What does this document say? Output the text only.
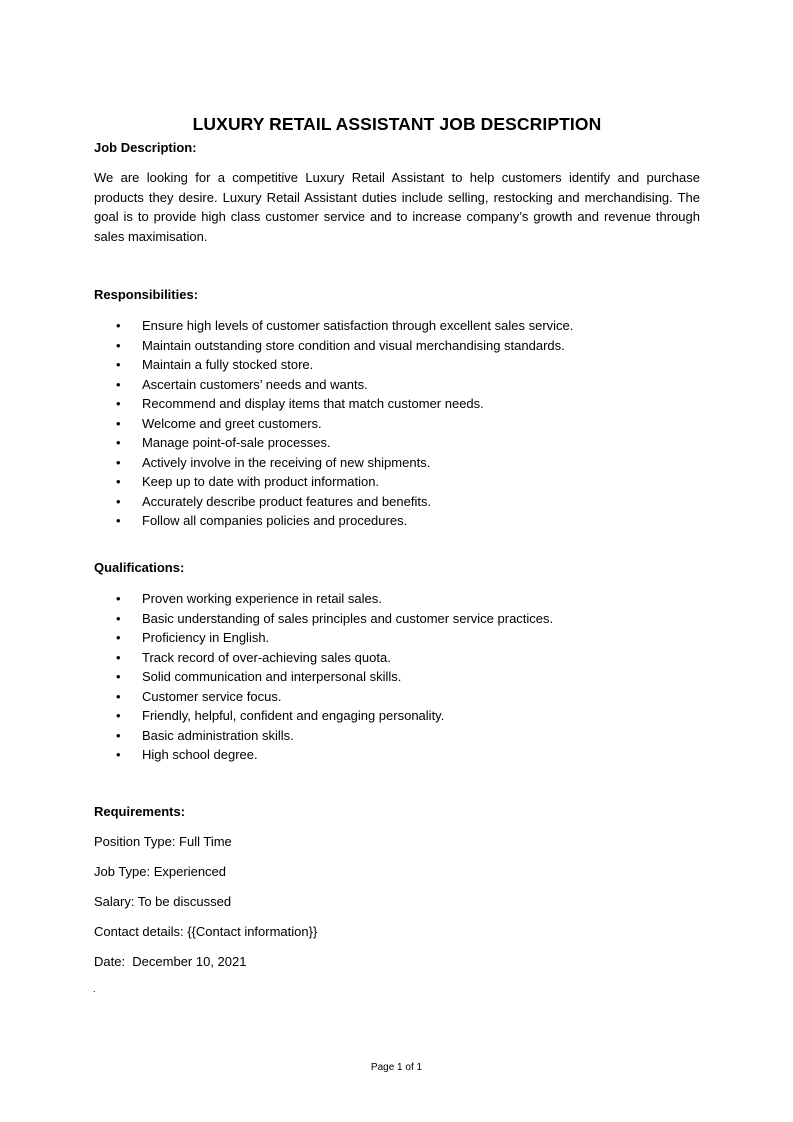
LUXURY RETAIL ASSISTANT JOB DESCRIPTION
Job Description:
We are looking for a competitive Luxury Retail Assistant to help customers identify and purchase products they desire. Luxury Retail Assistant duties include selling, restocking and merchandising. The goal is to provide high class customer service and to increase company’s growth and revenue through sales maximisation.
Responsibilities:
• Ensure high levels of customer satisfaction through excellent sales service.
• Maintain outstanding store condition and visual merchandising standards.
• Maintain a fully stocked store.
• Ascertain customers’ needs and wants.
• Recommend and display items that match customer needs.
• Welcome and greet customers.
• Manage point-of-sale processes.
• Actively involve in the receiving of new shipments.
• Keep up to date with product information.
• Accurately describe product features and benefits.
• Follow all companies policies and procedures.
Qualifications:
• Proven working experience in retail sales.
• Basic understanding of sales principles and customer service practices.
• Proficiency in English.
• Track record of over-achieving sales quota.
• Solid communication and interpersonal skills.
• Customer service focus.
• Friendly, helpful, confident and engaging personality.
• Basic administration skills.
• High school degree.
Requirements:
Position Type: Full Time
Job Type: Experienced
Salary: To be discussed
Contact details: {{Contact information}}
Date:  December 10, 2021
.
Page 1 of 1
